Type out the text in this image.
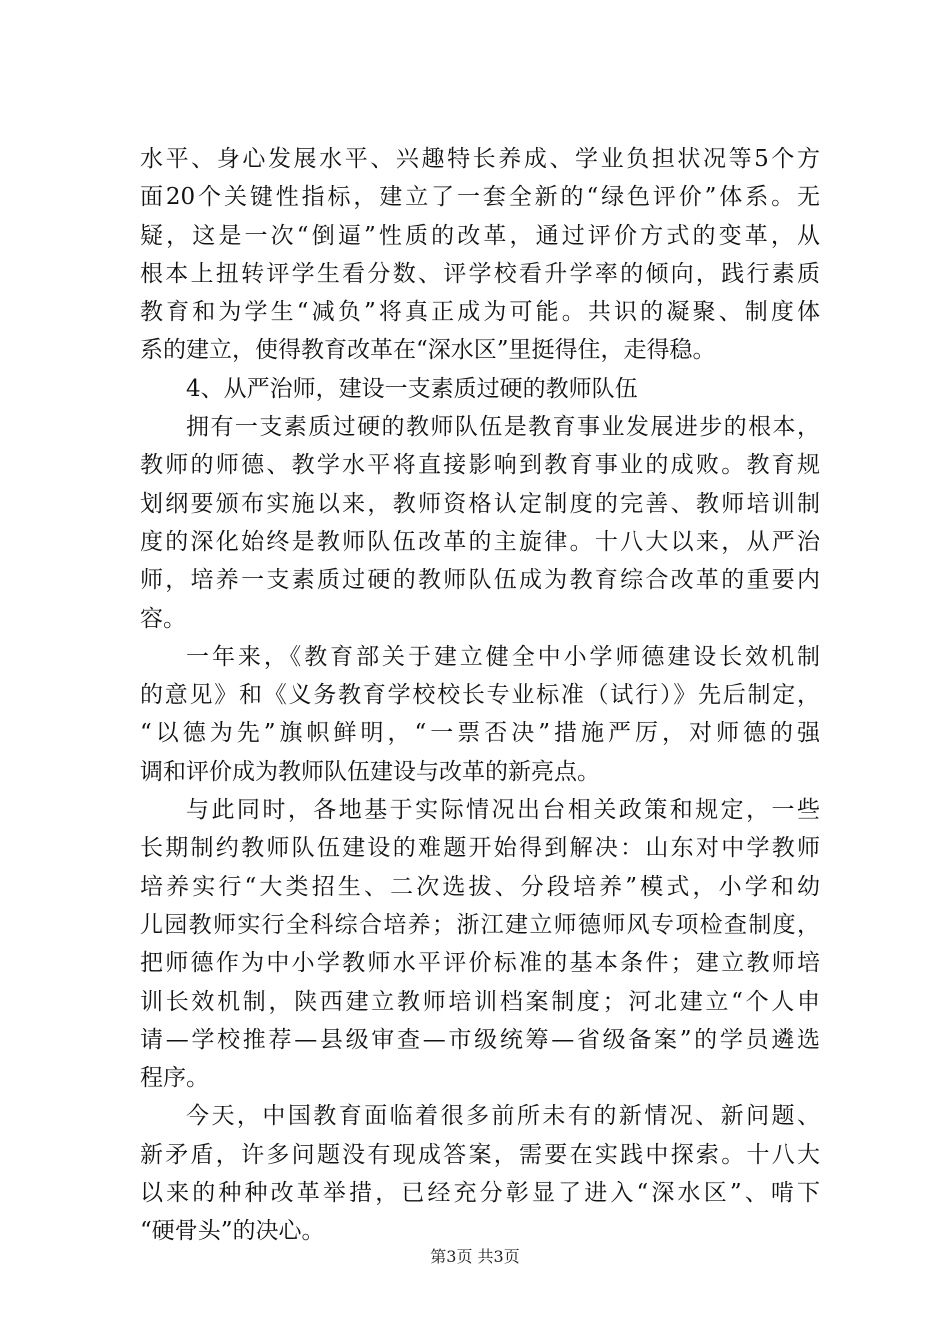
水平、身心发展水平、兴趣特长养成、学业负担状况等5个方
面20个关键性指标，建立了一套全新的“绿色评价”体系。无
疑，这是一次“倒逼”性质的改革，通过评价方式的变革，从
根本上扭转评学生看分数、评学校看升学率的倾向，践行素质
教育和为学生“减负”将真正成为可能。共识的凝聚、制度体
系的建立，使得教育改革在“深水区”里挺得住，走得稳。
4、从严治师，建设一支素质过硬的教师队伍
拥有一支素质过硬的教师队伍是教育事业发展进步的根本，
教师的师德、教学水平将直接影响到教育事业的成败。教育规
划纲要颁布实施以来，教师资格认定制度的完善、教师培训制
度的深化始终是教师队伍改革的主旋律。十八大以来，从严治
师，培养一支素质过硬的教师队伍成为教育综合改革的重要内
容。
一年来，《教育部关于建立健全中小学师德建设长效机制
的意见》和《义务教育学校校长专业标准（试行）》先后制定，
“以德为先”旗帜鲜明，“一票否决”措施严厉，对师德的强
调和评价成为教师队伍建设与改革的新亮点。
与此同时，各地基于实际情况出台相关政策和规定，一些
长期制约教师队伍建设的难题开始得到解决：山东对中学教师
培养实行“大类招生、二次选拔、分段培养”模式，小学和幼
儿园教师实行全科综合培养；浙江建立师德师风专项检查制度，
把师德作为中小学教师水平评价标准的基本条件；建立教师培
训长效机制，陕西建立教师培训档案制度；河北建立“个人申
请—学校推荐—县级审查—市级统筹—省级备案”的学员遴选
程序。
今天，中国教育面临着很多前所未有的新情况、新问题、
新矛盾，许多问题没有现成答案，需要在实践中探索。十八大
以来的种种改革举措，已经充分彰显了进入“深水区”、啃下
“硬骨头”的决心。
第3页 共3页
